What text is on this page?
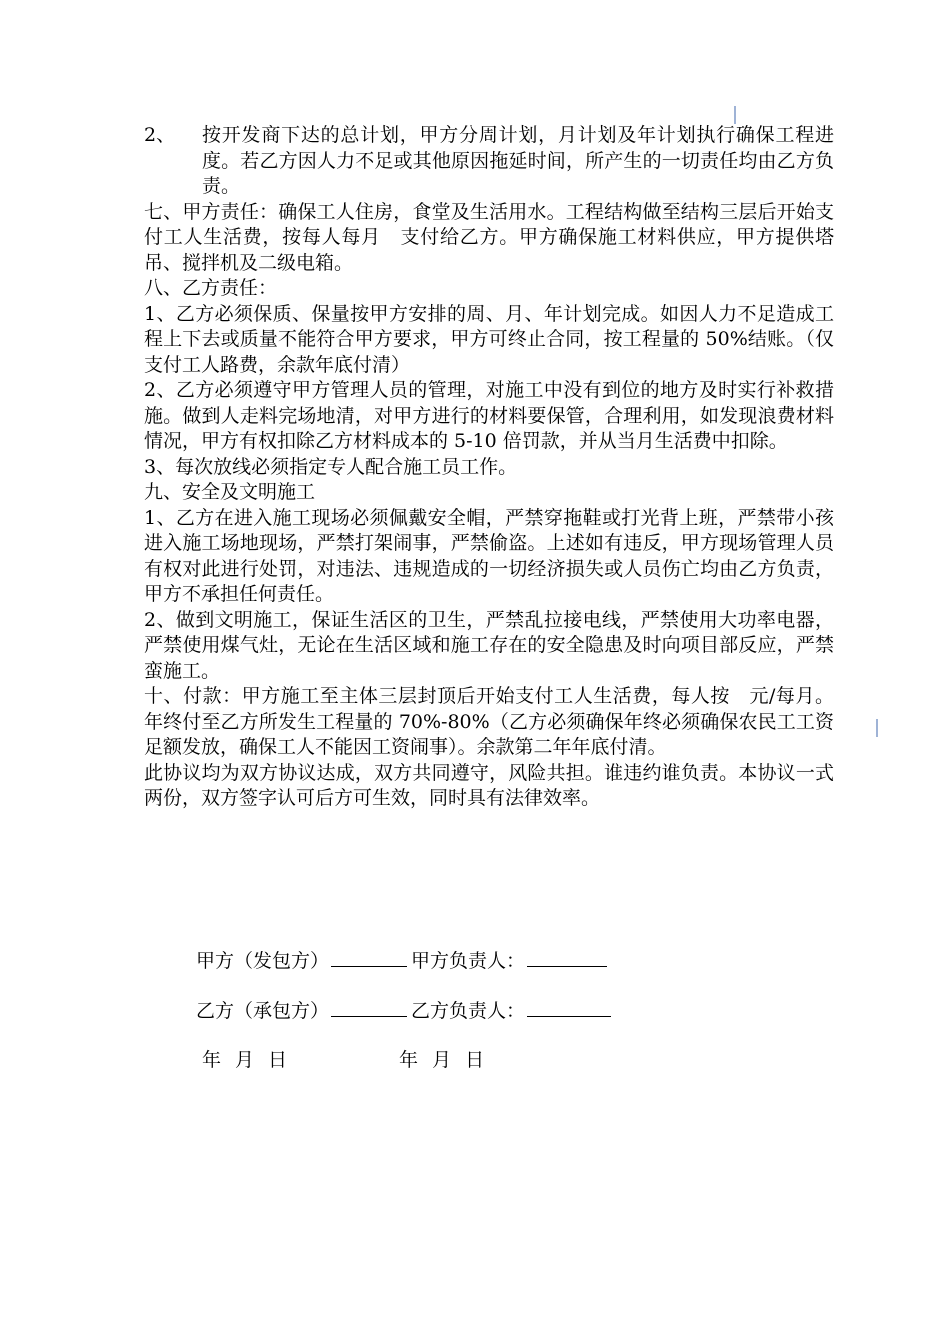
2、	按开发商下达的总计划，甲方分周计划，月计划及年计划执行确保工程进度。若乙方因人力不足或其他原因拖延时间，所产生的一切责任均由乙方负责。

七、甲方责任：确保工人住房，食堂及生活用水。工程结构做至结构三层后开始支付工人生活费，按每人每月　支付给乙方。甲方确保施工材料供应，甲方提供塔吊、搅拌机及二级电箱。

八、乙方责任：

1、乙方必须保质、保量按甲方安排的周、月、年计划完成。如因人力不足造成工程上下去或质量不能符合甲方要求，甲方可终止合同，按工程量的 50%结账。（仅支付工人路费，余款年底付清）

2、乙方必须遵守甲方管理人员的管理，对施工中没有到位的地方及时实行补救措施。做到人走料完场地清，对甲方进行的材料要保管，合理利用，如发现浪费材料情况，甲方有权扣除乙方材料成本的 5-10 倍罚款，并从当月生活费中扣除。

3、每次放线必须指定专人配合施工员工作。

九、安全及文明施工

1、乙方在进入施工现场必须佩戴安全帽，严禁穿拖鞋或打光背上班，严禁带小孩进入施工场地现场，严禁打架闹事，严禁偷盗。上述如有违反，甲方现场管理人员有权对此进行处罚，对违法、违规造成的一切经济损失或人员伤亡均由乙方负责，甲方不承担任何责任。

2、做到文明施工，保证生活区的卫生，严禁乱拉接电线，严禁使用大功率电器，严禁使用煤气灶，无论在生活区域和施工存在的安全隐患及时向项目部反应，严禁蛮施工。

十、付款：甲方施工至主体三层封顶后开始支付工人生活费，每人按　元/每月。年终付至乙方所发生工程量的 70%-80%（乙方必须确保年终必须确保农民工工资足额发放，确保工人不能因工资闹事）。余款第二年年底付清。

此协议均为双方协议达成，双方共同遵守，风险共担。谁违约谁负责。本协议一式两份，双方签字认可后方可生效，同时具有法律效率。

甲方（发包方）	甲方负责人：
乙方（承包方）	乙方负责人：
年 月 日	年 月 日
